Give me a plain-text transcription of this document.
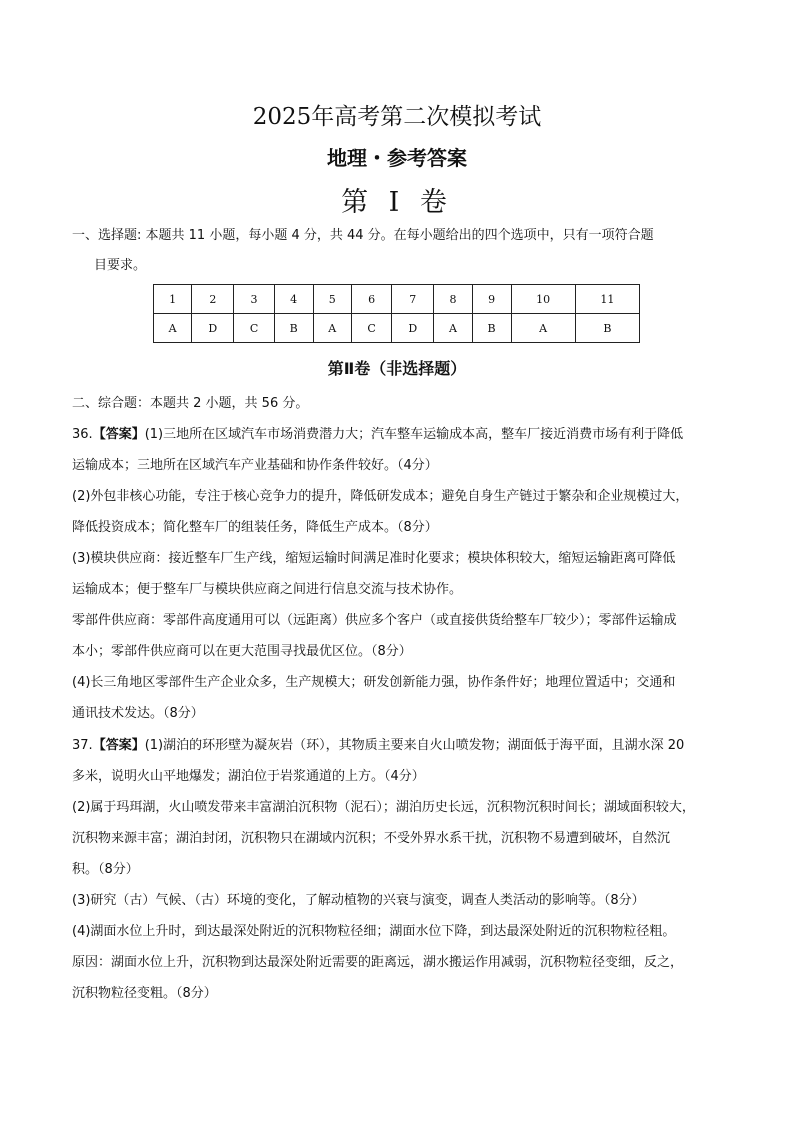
2025年高考第二次模拟考试
地理・参考答案
第 I 卷
一、选择题: 本题共 11 小题，每小题 4 分，共 44 分。在每小题给出的四个选项中，只有一项符合题
目要求。
1	2	3	4	5	6	7	8	9	10	11
A	D	C	B	A	C	D	A	B	A	B
第Ⅱ卷（非选择题）
二、综合题：本题共 2 小题，共 56 分。
36.【答案】(1)三地所在区域汽车市场消费潜力大；汽车整车运输成本高，整车厂接近消费市场有利于降低
运输成本；三地所在区域汽车产业基础和协作条件较好。（4分）
(2)外包非核心功能，专注于核心竞争力的提升，降低研发成本；避免自身生产链过于繁杂和企业规模过大，
降低投资成本；简化整车厂的组装任务，降低生产成本。（8分）
(3)模块供应商：接近整车厂生产线，缩短运输时间满足准时化要求；模块体积较大，缩短运输距离可降低
运输成本；便于整车厂与模块供应商之间进行信息交流与技术协作。
零部件供应商：零部件高度通用可以（远距离）供应多个客户（或直接供货给整车厂较少）；零部件运输成
本小；零部件供应商可以在更大范围寻找最优区位。（8分）
(4)长三角地区零部件生产企业众多，生产规模大；研发创新能力强，协作条件好；地理位置适中；交通和
通讯技术发达。（8分）
37.【答案】(1)湖泊的环形壁为凝灰岩（环），其物质主要来自火山喷发物；湖面低于海平面，且湖水深 20
多米，说明火山平地爆发；湖泊位于岩浆通道的上方。（4分）
(2)属于玛珥湖，火山喷发带来丰富湖泊沉积物（泥石）；湖泊历史长远，沉积物沉积时间长；湖域面积较大，
沉积物来源丰富；湖泊封闭，沉积物只在湖域内沉积；不受外界水系干扰，沉积物不易遭到破坏，自然沉
积。（8分）
(3)研究（古）气候、（古）环境的变化，了解动植物的兴衰与演变，调查人类活动的影响等。（8分）
(4)湖面水位上升时，到达最深处附近的沉积物粒径细；湖面水位下降，到达最深处附近的沉积物粒径粗。
原因：湖面水位上升，沉积物到达最深处附近需要的距离远，湖水搬运作用减弱，沉积物粒径变细，反之，
沉积物粒径变粗。（8分）
